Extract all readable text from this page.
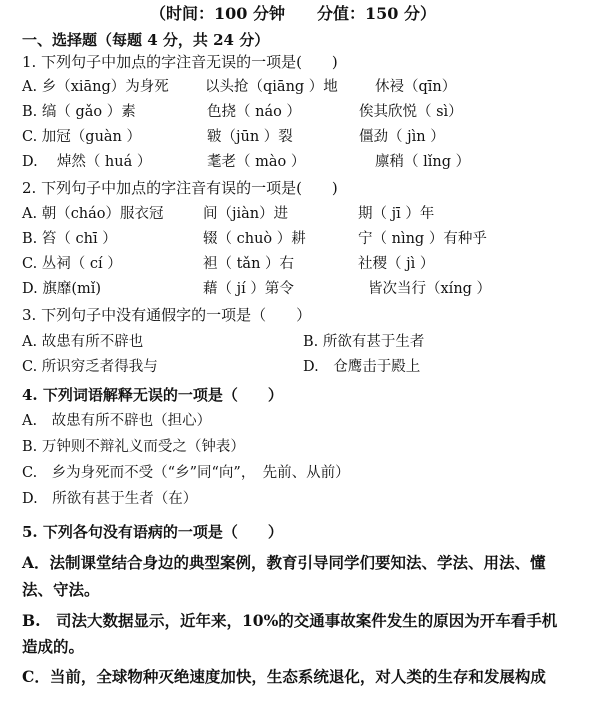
（时间：100 分钟　　分值：150 分）
一、选择题（每题 4 分，共 24 分）
1. 下列句子中加点的字注音无误的一项是(　　)
A. 乡（xiāng）为身死 以头抢（qiāng ）地	休祲（qīn）
B. 缟（ gǎo ）素	色挠（ náo ）	俟其欣悦（ sì）
C. 加冠（guàn ）	皲（jūn ）裂	僵劲（ jìn ）
D. 　焯然（ huá ）	耄老（ mào ）	廪稍（ lǐng ）
2. 下列句子中加点的字注音有误的一项是(　　)
A. 朝（cháo）服衣冠	间（jiàn）进	期（ jī ）年
B. 笞（ chī ）	辍（ chuò ）耕	宁（ nìng ）有种乎
C. 丛祠（ cí ）	袒（ tǎn ）右	社稷（ jì ）
D. 旗靡(mǐ)	藉（ jí ）第令	皆次当行（xíng ）
3. 下列句子中没有通假字的一项是（　　）
A. 故患有所不辟也	B. 所欲有甚于生者
C. 所识穷乏者得我与	D.　仓鹰击于殿上
4. 下列词语解释无误的一项是（　　）
A.　故患有所不辟也（担心）
B. 万钟则不辩礼义而受之（钟表）
C.　乡为身死而不受（“乡”同“向”，　先前、从前）
D.　所欲有甚于生者（在）
5. 下列各句没有语病的一项是（　　）
A．法制课堂结合身边的典型案例，教育引导同学们要知法、学法、用法、懂
法、守法。
B.　司法大数据显示，近年来，10%的交通事故案件发生的原因为开车看手机
造成的。
C．当前，全球物种灭绝速度加快，生态系统退化，对人类的生存和发展构成
